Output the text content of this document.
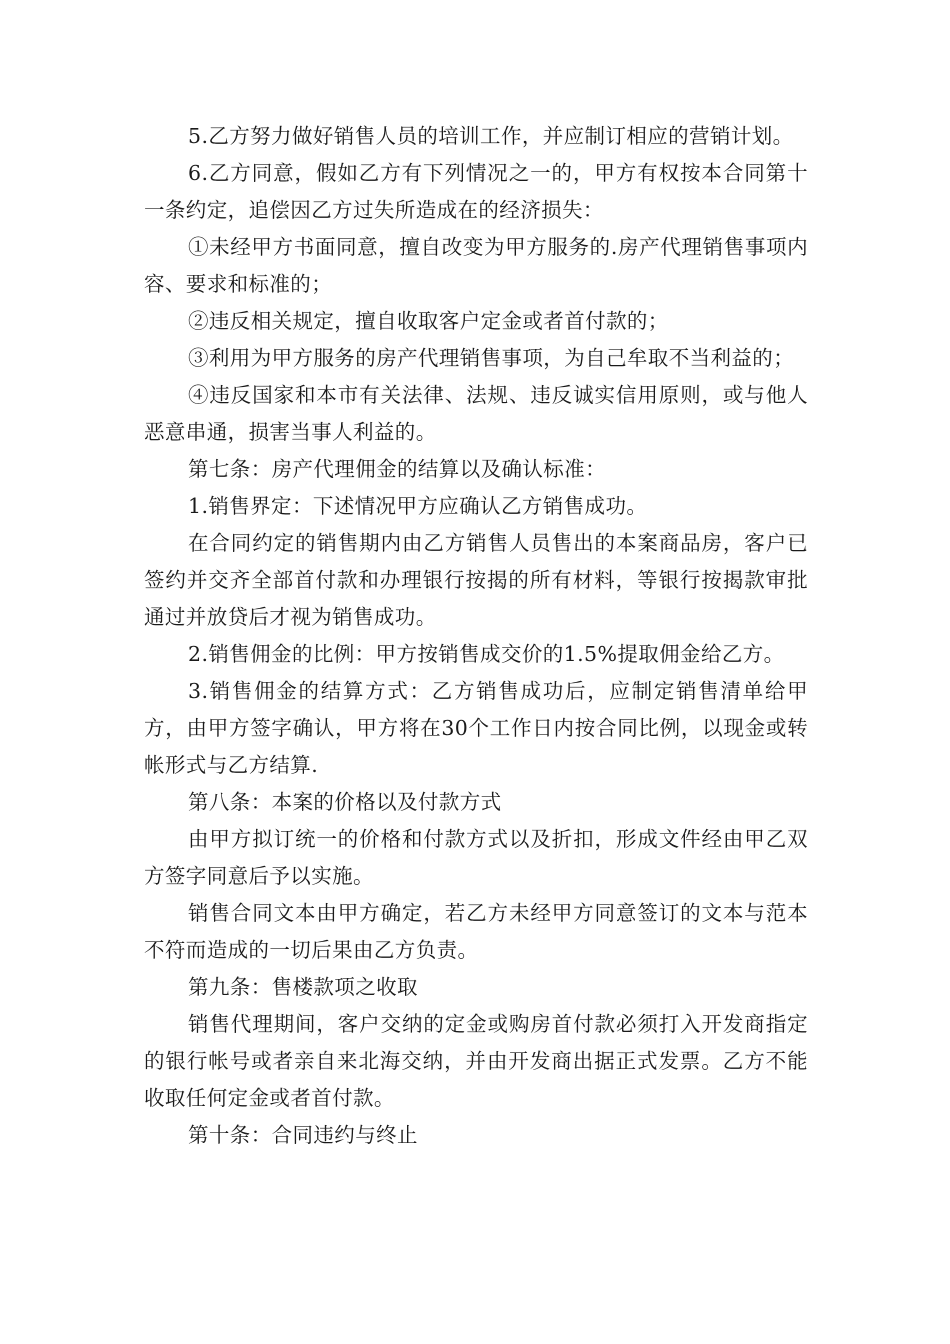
5.乙方努力做好销售人员的培训工作，并应制订相应的营销计划。

6.乙方同意，假如乙方有下列情况之一的，甲方有权按本合同第十一条约定，追偿因乙方过失所造成在的经济损失：

①未经甲方书面同意，擅自改变为甲方服务的.房产代理销售事项内容、要求和标准的；

②违反相关规定，擅自收取客户定金或者首付款的；

③利用为甲方服务的房产代理销售事项，为自己牟取不当利益的；

④违反国家和本市有关法律、法规、违反诚实信用原则，或与他人恶意串通，损害当事人利益的。

第七条：房产代理佣金的结算以及确认标准：

1.销售界定：下述情况甲方应确认乙方销售成功。

在合同约定的销售期内由乙方销售人员售出的本案商品房，客户已签约并交齐全部首付款和办理银行按揭的所有材料，等银行按揭款审批通过并放贷后才视为销售成功。

2.销售佣金的比例：甲方按销售成交价的1.5%提取佣金给乙方。

3.销售佣金的结算方式：乙方销售成功后，应制定销售清单给甲方，由甲方签字确认，甲方将在30个工作日内按合同比例，以现金或转帐形式与乙方结算.

第八条：本案的价格以及付款方式

由甲方拟订统一的价格和付款方式以及折扣，形成文件经由甲乙双方签字同意后予以实施。

销售合同文本由甲方确定，若乙方未经甲方同意签订的文本与范本不符而造成的一切后果由乙方负责。

第九条：售楼款项之收取

销售代理期间，客户交纳的定金或购房首付款必须打入开发商指定的银行帐号或者亲自来北海交纳，并由开发商出据正式发票。乙方不能收取任何定金或者首付款。

第十条：合同违约与终止
